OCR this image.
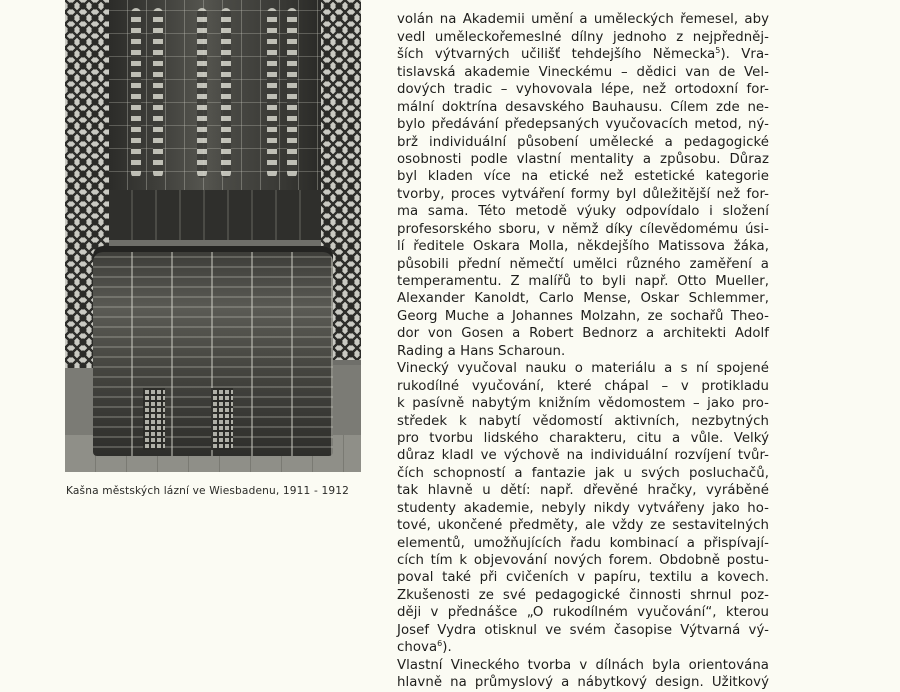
Kašna městských lázní ve Wiesbadenu, 1911 - 1912

volán na Akademii umění a uměleckých řemesel, aby
vedl uměleckořemeslné dílny jednoho z nejpředněj-
ších výtvarných učilišť tehdejšího Německa$^5$). Vra-
tislavská akademie Vineckému – dědici van de Vel-
dových tradic – vyhovovala lépe, než ortodoxní for-
mální doktrína desavského Bauhausu. Cílem zde ne-
bylo předávání předepsaných vyučovacích metod, ný-
brž individuální působení umělecké a pedagogické
osobnosti podle vlastní mentality a způsobu. Důraz
byl kladen více na etické než estetické kategorie
tvorby, proces vytváření formy byl důležitější než for-
ma sama. Této metodě výuky odpovídalo i složení
profesorského sboru, v němž díky cílevědomému úsi-
lí ředitele Oskara Molla, někdejšího Matissova žáka,
působili přední němečtí umělci různého zaměření a
temperamentu. Z malířů to byli např. Otto Mueller,
Alexander Kanoldt, Carlo Mense, Oskar Schlemmer,
Georg Muche a Johannes Molzahn, ze sochařů Theo-
dor von Gosen a Robert Bednorz a architekti Adolf
Rading a Hans Scharoun.
Vinecký vyučoval nauku o materiálu a s ní spojené
rukodílné vyučování, které chápal – v protikladu
k pasívně nabytým knižním vědomostem – jako pro-
středek k nabytí vědomostí aktivních, nezbytných
pro tvorbu lidského charakteru, citu a vůle. Velký
důraz kladl ve výchově na individuální rozvíjení tvůr-
čích schopností a fantazie jak u svých posluchačů,
tak hlavně u dětí: např. dřevěné hračky, vyráběné
studenty akademie, nebyly nikdy vytvářeny jako ho-
tové, ukončené předměty, ale vždy ze sestavitelných
elementů, umožňujících řadu kombinací a přispívají-
cích tím k objevování nových forem. Obdobně postu-
poval také při cvičeních v papíru, textilu a kovech.
Zkušenosti ze své pedagogické činnosti shrnul poz-
ději v přednášce „O rukodílném vyučování“, kterou
Josef Vydra otisknul ve svém časopise Výtvarná vý-
chova$^6$).
Vlastní Vineckého tvorba v dílnách byla orientována
hlavně na průmyslový a nábytkový design. Užitkový
